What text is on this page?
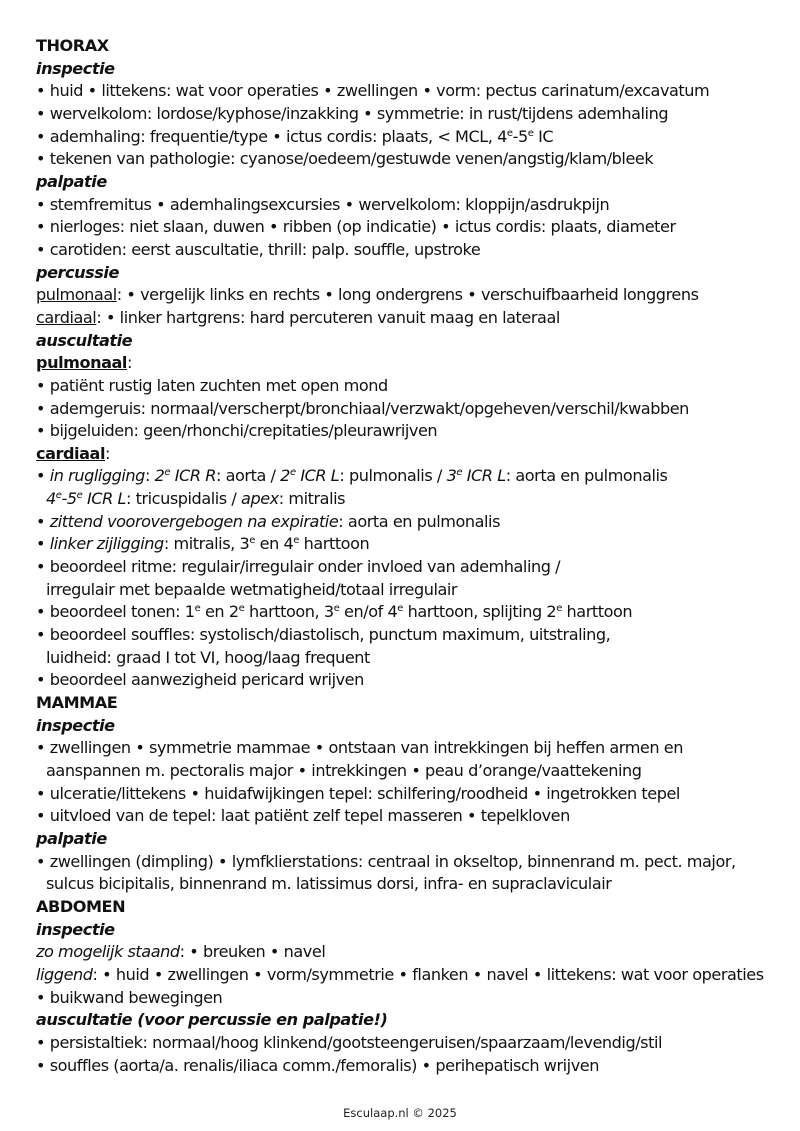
THORAX
inspectie
• huid • littekens: wat voor operaties • zwellingen • vorm: pectus carinatum/excavatum
• wervelkolom: lordose/kyphose/inzakking • symmetrie: in rust/tijdens ademhaling
• ademhaling: frequentie/type • ictus cordis: plaats, < MCL, 4e-5e IC
• tekenen van pathologie: cyanose/oedeem/gestuwde venen/angstig/klam/bleek
palpatie
• stemfremitus • ademhalingsexcursies • wervelkolom: kloppijn/asdrukpijn
• nierloges: niet slaan, duwen • ribben (op indicatie) • ictus cordis: plaats, diameter
• carotiden: eerst auscultatie, thrill: palp. souffle, upstroke
percussie
pulmonaal: • vergelijk links en rechts • long ondergrens • verschuifbaarheid longgrens
cardiaal: • linker hartgrens: hard percuteren vanuit maag en lateraal
auscultatie
pulmonaal:
• patiënt rustig laten zuchten met open mond
• ademgeruis: normaal/verscherpt/bronchiaal/verzwakt/opgeheven/verschil/kwabben
• bijgeluiden: geen/rhonchi/crepitaties/pleurawrijven
cardiaal:
• in rugligging: 2e ICR R: aorta / 2e ICR L: pulmonalis / 3e ICR L: aorta en pulmonalis
4e-5e ICR L: tricuspidalis / apex: mitralis
• zittend voorovergebogen na expiratie: aorta en pulmonalis
• linker zijligging: mitralis, 3e en 4e harttoon
• beoordeel ritme: regulair/irregulair onder invloed van ademhaling /
irregulair met bepaalde wetmatigheid/totaal irregulair
• beoordeel tonen: 1e en 2e harttoon, 3e en/of 4e harttoon, splijting 2e harttoon
• beoordeel souffles: systolisch/diastolisch, punctum maximum, uitstraling,
luidheid: graad I tot VI, hoog/laag frequent
• beoordeel aanwezigheid pericard wrijven
MAMMAE
inspectie
• zwellingen • symmetrie mammae • ontstaan van intrekkingen bij heffen armen en
aanspannen m. pectoralis major • intrekkingen • peau d’orange/vaattekening
• ulceratie/littekens • huidafwijkingen tepel: schilfering/roodheid • ingetrokken tepel
• uitvloed van de tepel: laat patiënt zelf tepel masseren • tepelkloven
palpatie
• zwellingen (dimpling) • lymfklierstations: centraal in okseltop, binnenrand m. pect. major,
sulcus bicipitalis, binnenrand m. latissimus dorsi, infra- en supraclaviculair
ABDOMEN
inspectie
zo mogelijk staand: • breuken • navel
liggend: • huid • zwellingen • vorm/symmetrie • flanken • navel • littekens: wat voor operaties
• buikwand bewegingen
auscultatie (voor percussie en palpatie!)
• persistaltiek: normaal/hoog klinkend/gootsteengeruisen/spaarzaam/levendig/stil
• souffles (aorta/a. renalis/iliaca comm./femoralis) • perihepatisch wrijven
Esculaap.nl © 2025
